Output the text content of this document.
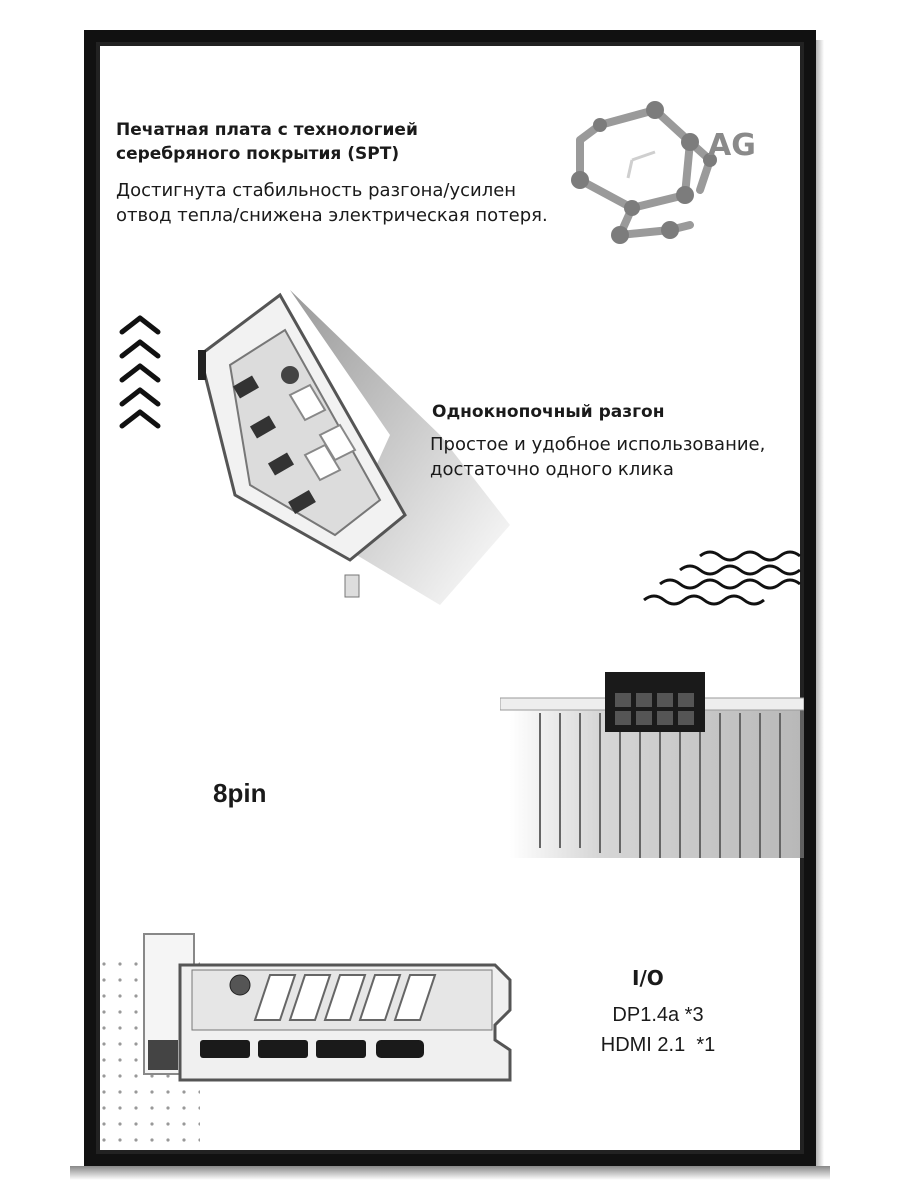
Печатная плата с технологией
серебряного покрытия (SPT)
Достигнута стабильность разгона/усилен
отвод тепла/снижена электрическая потеря.
AG
Однокнопочный разгон
Простое и удобное использование,
достаточно одного клика
8pin
I/O
DP1.4a *3
HDMI 2.1  *1
